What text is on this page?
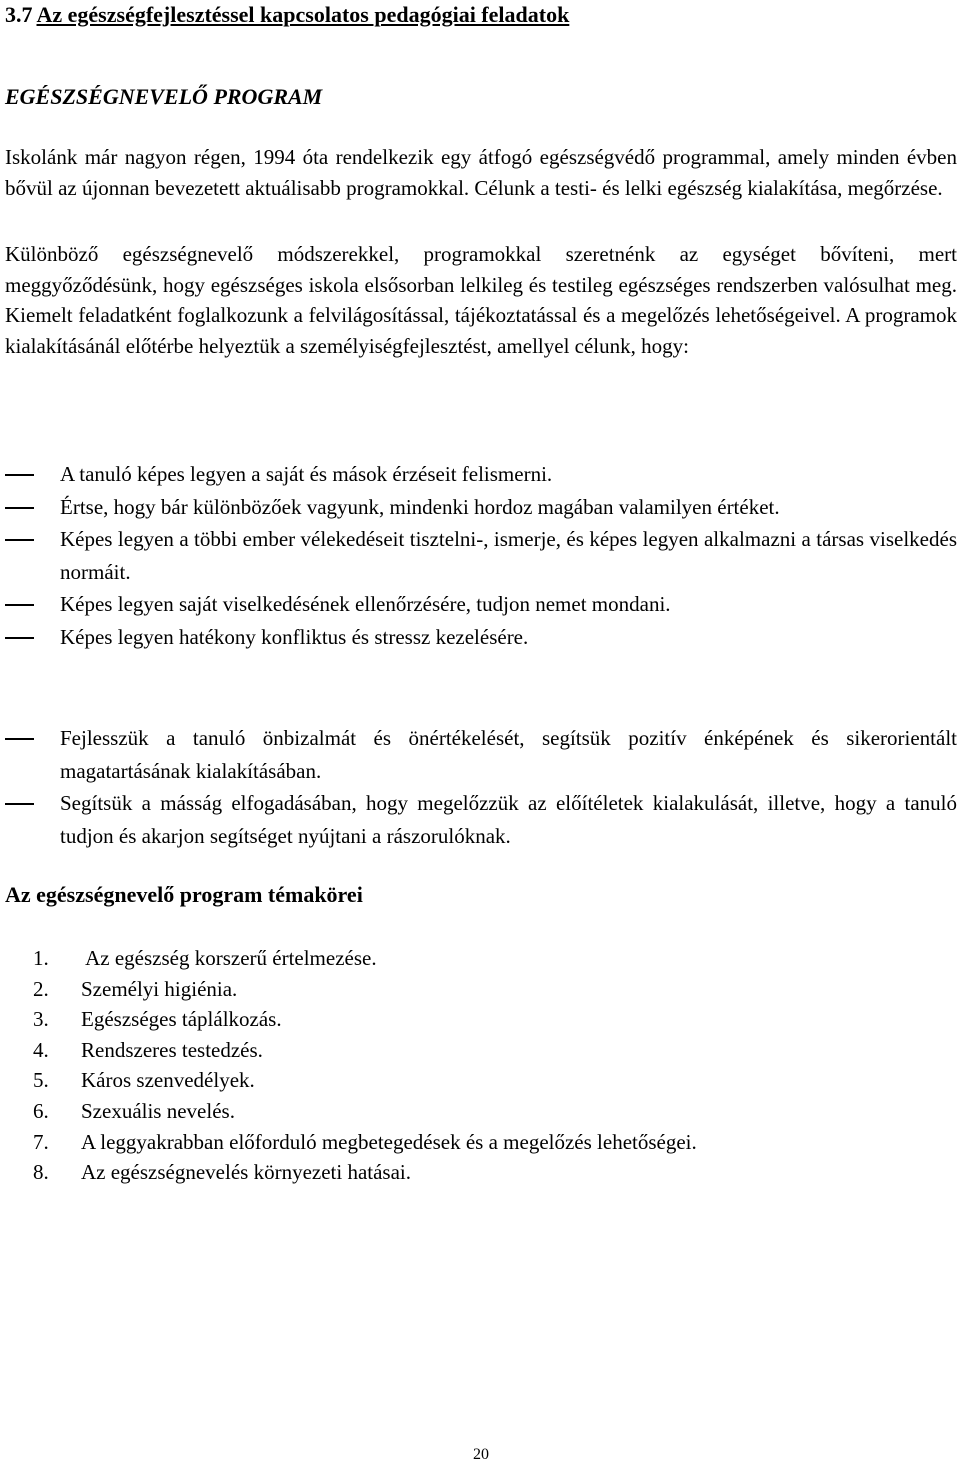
3.7 Az egészségfejlesztéssel kapcsolatos pedagógiai feladatok
EGÉSZSÉGNEVELŐ PROGRAM

Iskolánk már nagyon régen, 1994 óta rendelkezik egy átfogó egészségvédő programmal, amely minden évben bővül az újonnan bevezetett aktuálisabb programokkal. Célunk a testi- és lelki egészség kialakítása, megőrzése.

Különböző egészségnevelő módszerekkel, programokkal szeretnénk az egységet bővíteni, mert meggyőződésünk, hogy egészséges iskola elsősorban lelkileg és testileg egészséges rendszerben valósulhat meg. Kiemelt feladatként foglalkozunk a felvilágosítással, tájékoztatással és a megelőzés lehetőségeivel. A programok kialakításánál előtérbe helyeztük a személyiségfejlesztést, amellyel célunk, hogy:

A tanuló képes legyen a saját és mások érzéseit felismerni.
Értse, hogy bár különbözőek vagyunk, mindenki hordoz magában valamilyen értéket.
Képes legyen a többi ember vélekedéseit tisztelni-, ismerje, és képes legyen alkalmazni a társas viselkedés normáit.
Képes legyen saját viselkedésének ellenőrzésére, tudjon nemet mondani.
Képes legyen hatékony konfliktus és stressz kezelésére.
Fejlesszük a tanuló önbizalmát és önértékelését, segítsük pozitív énképének és sikerorientált magatartásának kialakításában.
Segítsük a másság elfogadásában, hogy megelőzzük az előítéletek kialakulását, illetve, hogy a tanuló tudjon és akarjon segítséget nyújtani a rászorulóknak.
Az egészségnevelő program témakörei
1. Az egészség korszerű értelmezése.
2. Személyi higiénia.
3. Egészséges táplálkozás.
4. Rendszeres testedzés.
5. Káros szenvedélyek.
6. Szexuális nevelés.
7. A leggyakrabban előforduló megbetegedések és a megelőzés lehetőségei.
8. Az egészségnevelés környezeti hatásai.
20
